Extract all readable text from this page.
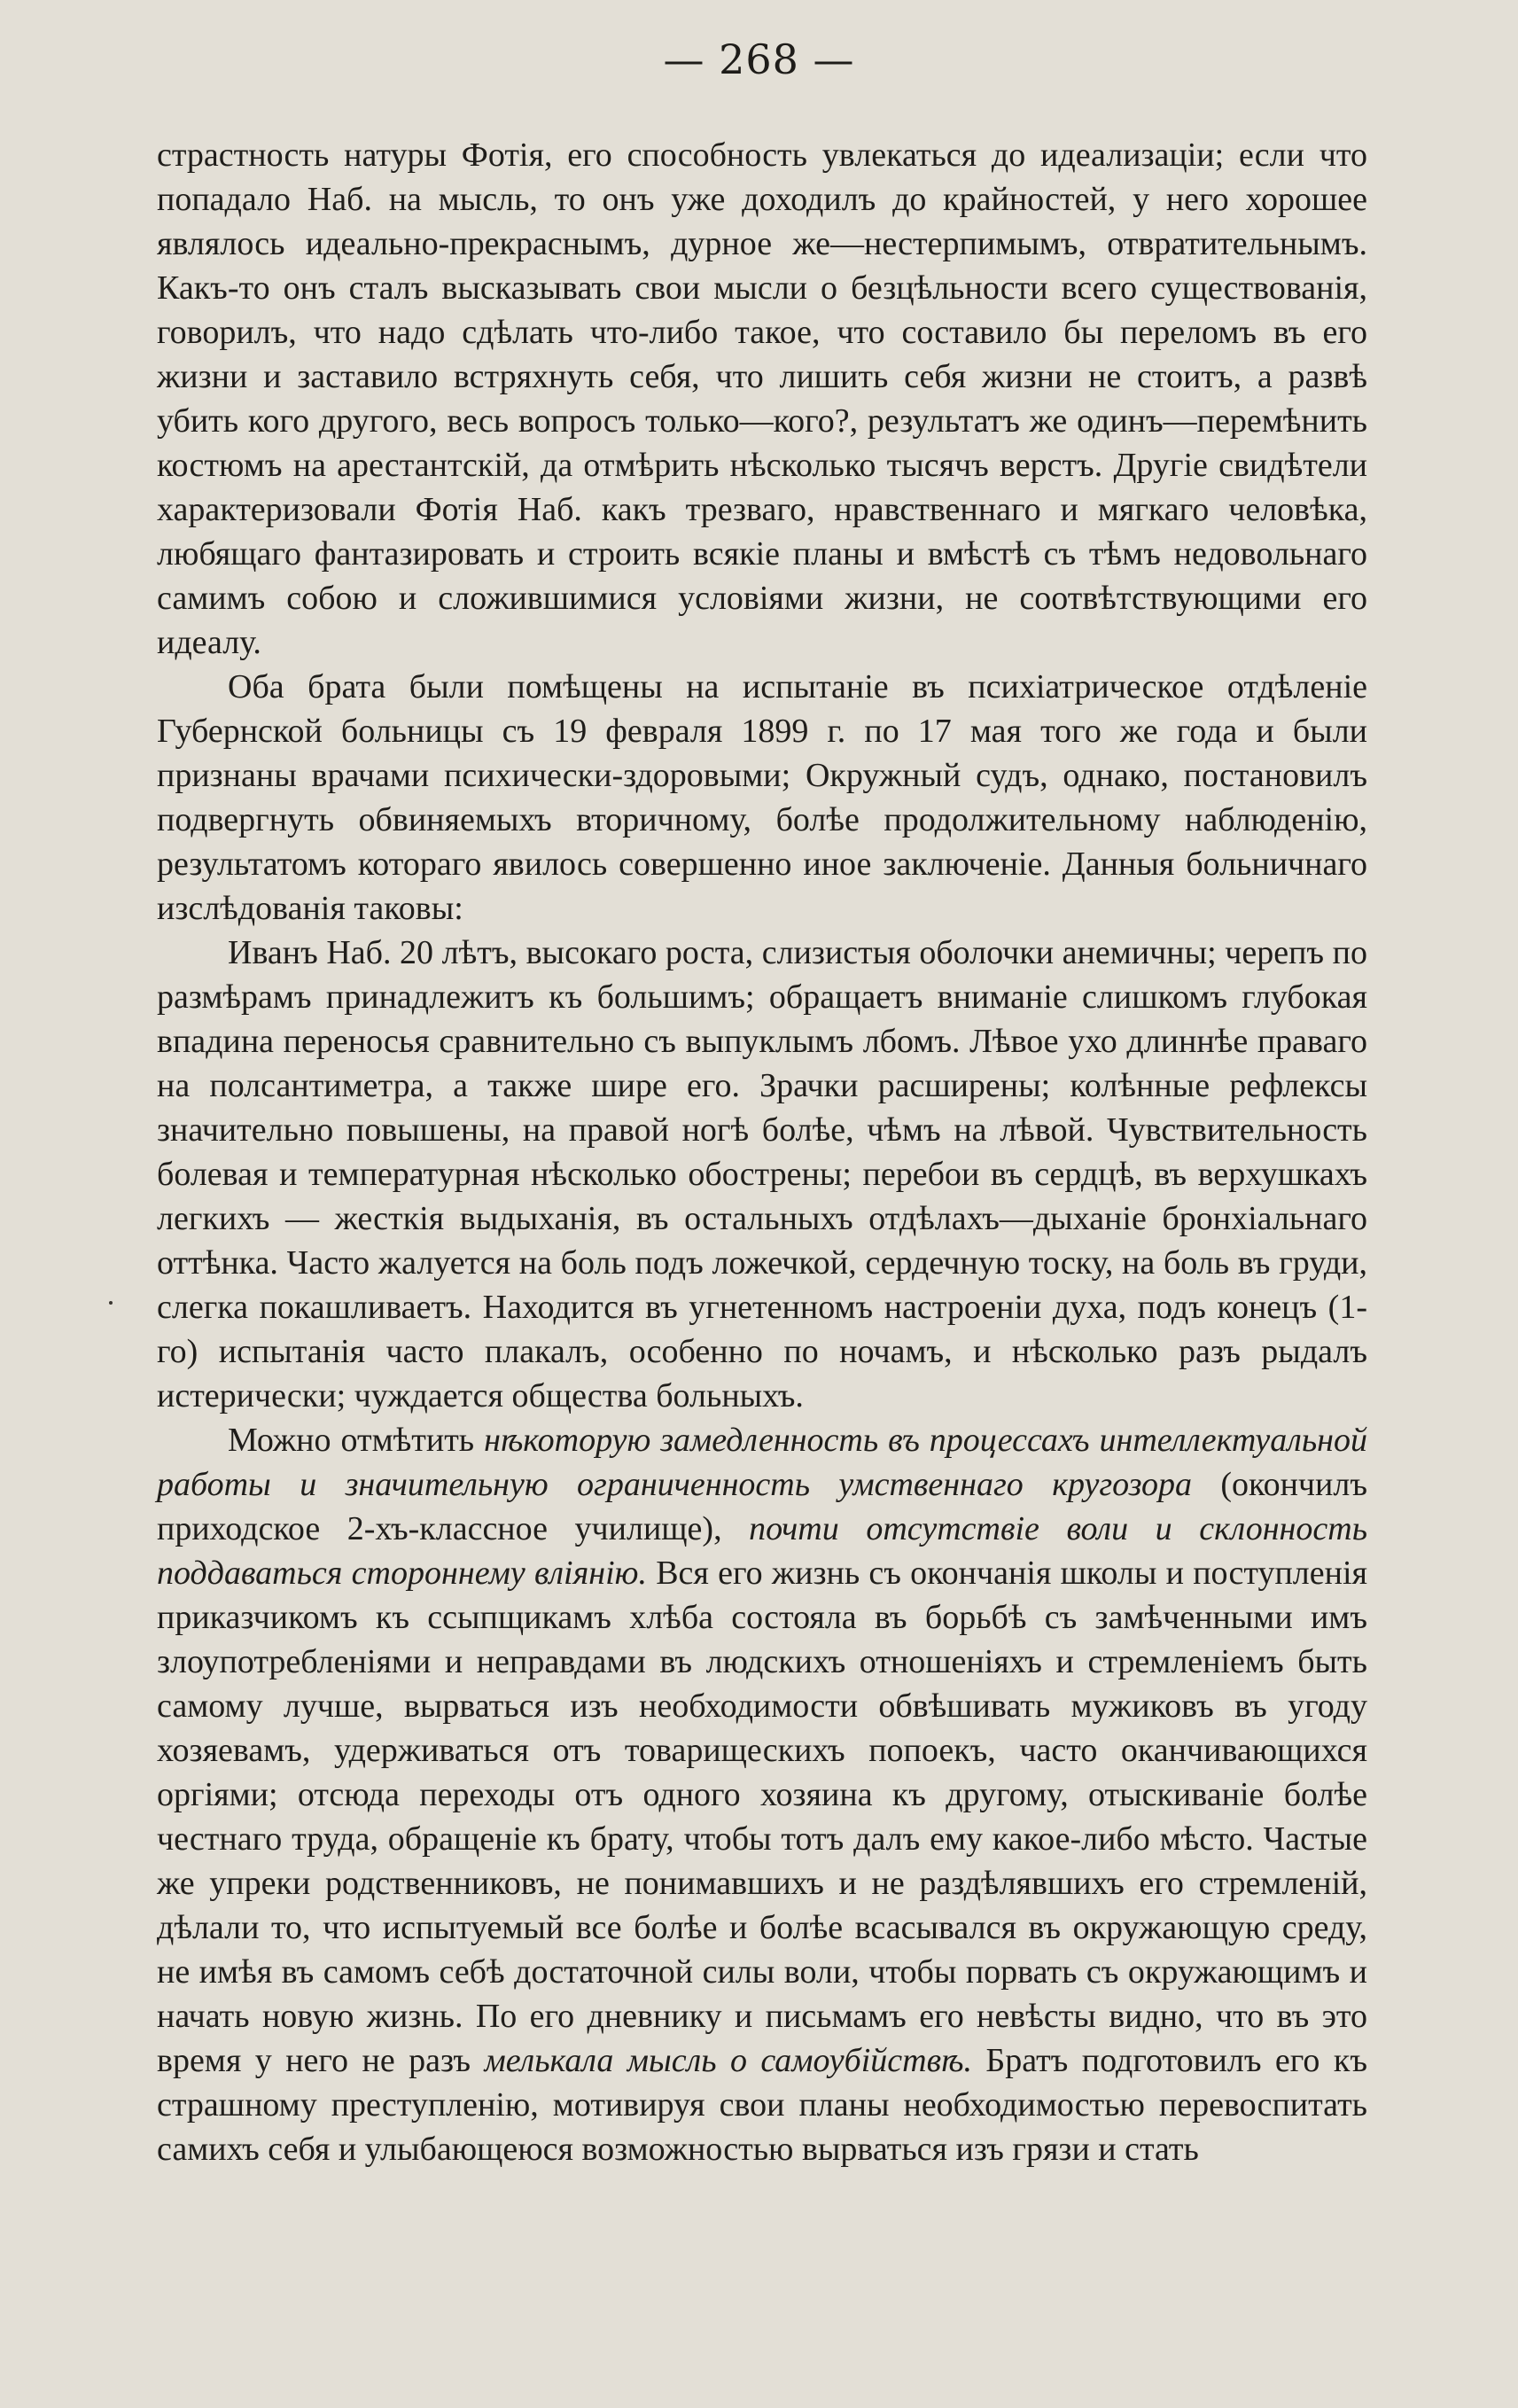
— 268 —

страстность натуры Фотія, его способность увлекаться до идеализаціи; если что попадало Наб. на мысль, то онъ уже доходилъ до крайностей, у него хорошее являлось идеально-прекраснымъ, дурное же—нестерпимымъ, отвратительнымъ. Какъ-то онъ сталъ высказывать свои мысли о безцѣльности всего существованія, говорилъ, что надо сдѣлать что-либо такое, что составило бы переломъ въ его жизни и заставило встряхнуть себя, что лишить себя жизни не стоитъ, а развѣ убить кого другого, весь вопросъ только—кого?, результатъ же одинъ—перемѣнить костюмъ на арестантскій, да отмѣрить нѣсколько тысячъ верстъ. Другіе свидѣтели характеризовали Фотія Наб. какъ трезваго, нравственнаго и мягкаго человѣка, любящаго фантазировать и строить всякіе планы и вмѣстѣ съ тѣмъ недовольнаго самимъ собою и сложившимися условіями жизни, не соотвѣтствующими его идеалу.

Оба брата были помѣщены на испытаніе въ психіатрическое отдѣленіе Губернской больницы съ 19 февраля 1899 г. по 17 мая того же года и были признаны врачами психически-здоровыми; Окружный судъ, однако, постановилъ подвергнуть обвиняемыхъ вторичному, болѣе продолжительному наблюденію, результатомъ котораго явилось совершенно иное заключеніе. Данныя больничнаго изслѣдованія таковы:

Иванъ Наб. 20 лѣтъ, высокаго роста, слизистыя оболочки анемичны; черепъ по размѣрамъ принадлежитъ къ большимъ; обращаетъ вниманіе слишкомъ глубокая впадина переносья сравнительно съ выпуклымъ лбомъ. Лѣвое ухо длиннѣе праваго на полсантиметра, а также шире его. Зрачки расширены; колѣнные рефлексы значительно повышены, на правой ногѣ болѣе, чѣмъ на лѣвой. Чувствительность болевая и температурная нѣсколько обострены; перебои въ сердцѣ, въ верхушкахъ легкихъ — жесткія выдыханія, въ остальныхъ отдѣлахъ—дыханіе бронхіальнаго оттѣнка. Часто жалуется на боль подъ ложечкой, сердечную тоску, на боль въ груди, слегка покашливаетъ. Находится въ угнетенномъ настроеніи духа, подъ конецъ (1-го) испытанія часто плакалъ, особенно по ночамъ, и нѣсколько разъ рыдалъ истерически; чуждается общества больныхъ.

Можно отмѣтить нѣкоторую замедленность въ процессахъ интеллектуальной работы и значительную ограниченность умственнаго кругозора (окончилъ приходское 2-хъ-классное училище), почти отсутствіе воли и склонность поддаваться стороннему вліянію. Вся его жизнь съ окончанія школы и поступленія приказчикомъ къ ссыпщикамъ хлѣба состояла въ борьбѣ съ замѣченными имъ злоупотребленіями и неправдами въ людскихъ отношеніяхъ и стремленіемъ быть самому лучше, вырваться изъ необходимости обвѣшивать мужиковъ въ угоду хозяевамъ, удерживаться отъ товарищескихъ попоекъ, часто оканчивающихся оргіями; отсюда переходы отъ одного хозяина къ другому, отыскиваніе болѣе честнаго труда, обращеніе къ брату, чтобы тотъ далъ ему какое-либо мѣсто. Частые же упреки родственниковъ, не понимавшихъ и не раздѣлявшихъ его стремленій, дѣлали то, что испытуемый все болѣе и болѣе всасывался въ окружающую среду, не имѣя въ самомъ себѣ достаточной силы воли, чтобы порвать съ окружающимъ и начать новую жизнь. По его дневнику и письмамъ его невѣсты видно, что въ это время у него не разъ мелькала мысль о самоубійствѣ. Братъ подготовилъ его къ страшному преступленію, мотивируя свои планы необходимостью перевоспитать самихъ себя и улыбающеюся возможностью вырваться изъ грязи и стать
